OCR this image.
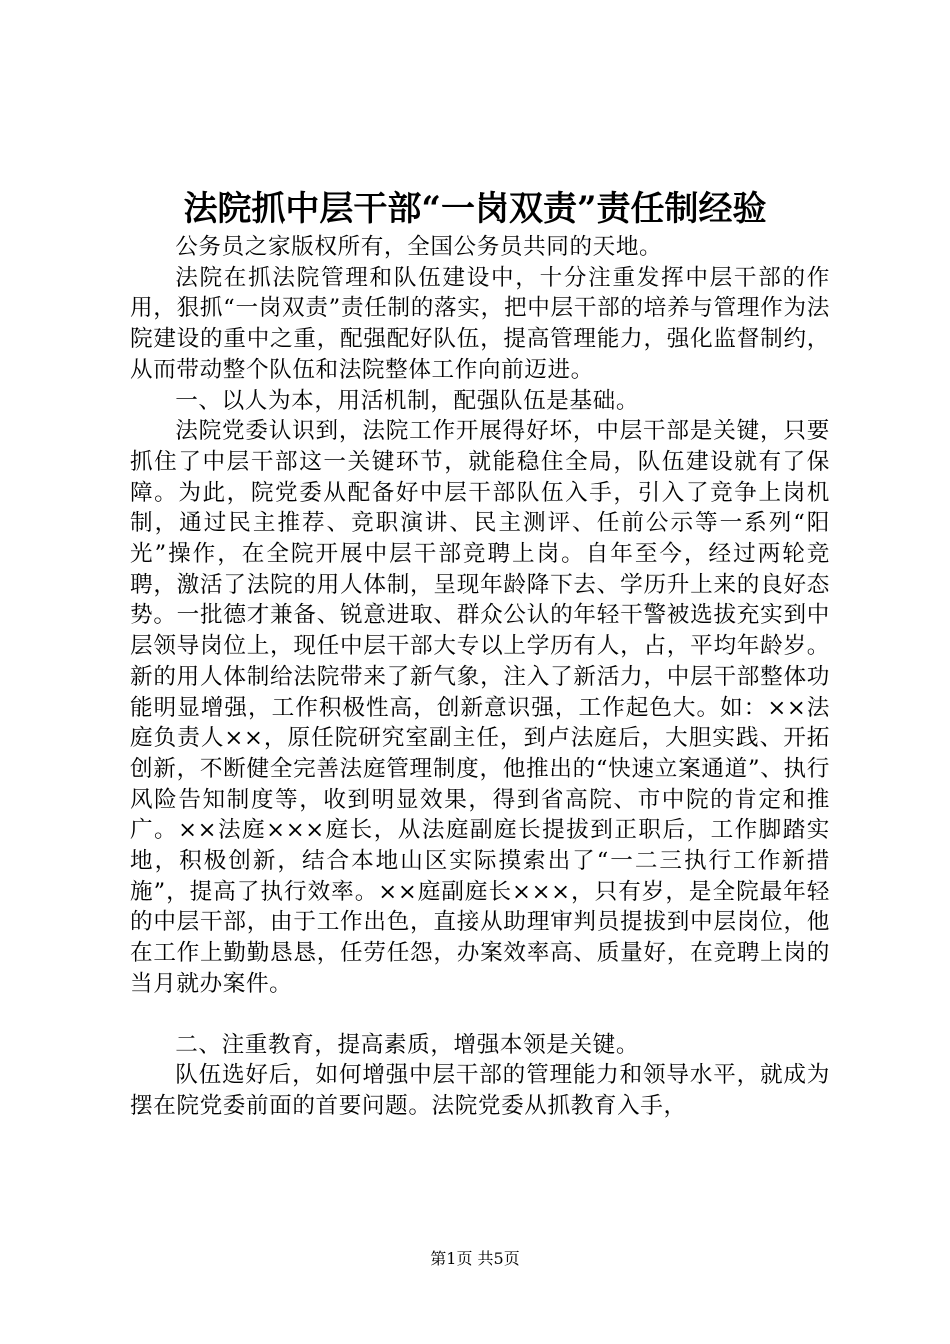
法院抓中层干部“一岗双责”责任制经验

公务员之家版权所有，全国公务员共同的天地。

法院在抓法院管理和队伍建设中，十分注重发挥中层干部的作用，狠抓“一岗双责”责任制的落实，把中层干部的培养与管理作为法院建设的重中之重，配强配好队伍，提高管理能力，强化监督制约，从而带动整个队伍和法院整体工作向前迈进。

一、以人为本，用活机制，配强队伍是基础。

法院党委认识到，法院工作开展得好坏，中层干部是关键，只要抓住了中层干部这一关键环节，就能稳住全局，队伍建设就有了保障。为此，院党委从配备好中层干部队伍入手，引入了竞争上岗机制，通过民主推荐、竞职演讲、民主测评、任前公示等一系列“阳光”操作，在全院开展中层干部竞聘上岗。自年至今，经过两轮竞聘，激活了法院的用人体制，呈现年龄降下去、学历升上来的良好态势。一批德才兼备、锐意进取、群众公认的年轻干警被选拔充实到中层领导岗位上，现任中层干部大专以上学历有人，占，平均年龄岁。新的用人体制给法院带来了新气象，注入了新活力，中层干部整体功能明显增强，工作积极性高，创新意识强，工作起色大。如：××法庭负责人××，原任院研究室副主任，到卢法庭后，大胆实践、开拓创新，不断健全完善法庭管理制度，他推出的“快速立案通道”、执行风险告知制度等，收到明显效果，得到省高院、市中院的肯定和推广。××法庭×××庭长，从法庭副庭长提拔到正职后，工作脚踏实地，积极创新，结合本地山区实际摸索出了“一二三执行工作新措施”，提高了执行效率。××庭副庭长×××，只有岁，是全院最年轻的中层干部，由于工作出色，直接从助理审判员提拔到中层岗位，他在工作上勤勤恳恳，任劳任怨，办案效率高、质量好，在竞聘上岗的当月就办案件。

二、注重教育，提高素质，增强本领是关键。

队伍选好后，如何增强中层干部的管理能力和领导水平，就成为摆在院党委前面的首要问题。法院党委从抓教育入手，

第1页 共5页
